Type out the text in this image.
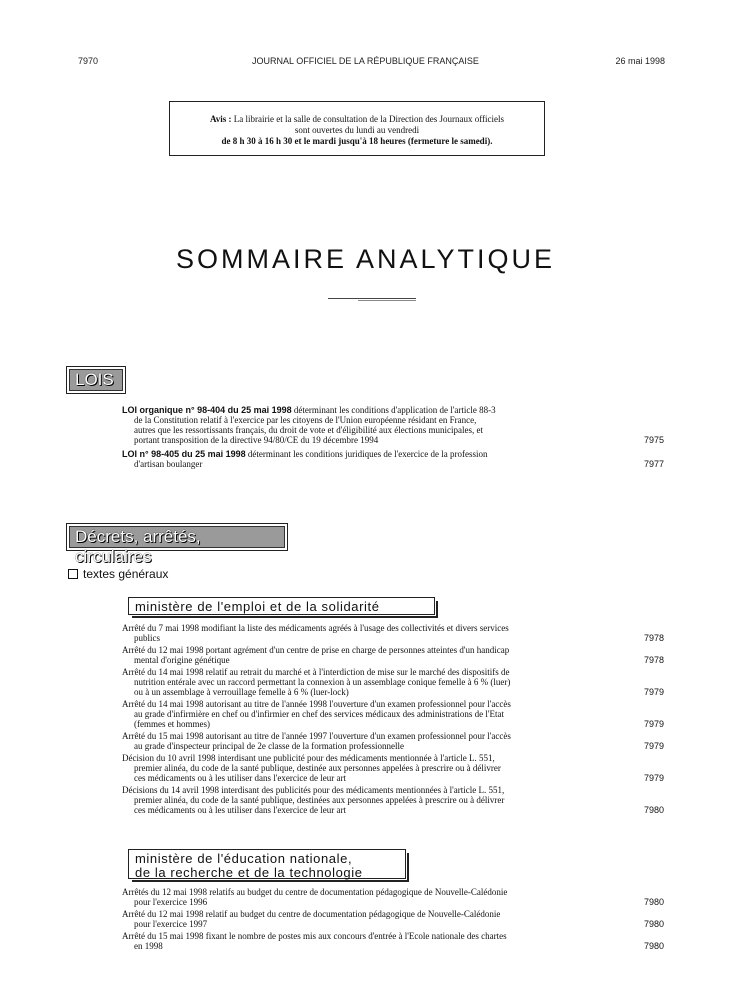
7970	JOURNAL OFFICIEL DE LA RÉPUBLIQUE FRANÇAISE	26 mai 1998
Avis : La librairie et la salle de consultation de la Direction des Journaux officiels
sont ouvertes du lundi au vendredi
de 8 h 30 à 16 h 30 et le mardi jusqu'à 18 heures (fermeture le samedi).
SOMMAIRE ANALYTIQUE
LOIS
LOI organique n° 98-404 du 25 mai 1998 déterminant les conditions d'application de l'article 88-3
de la Constitution relatif à l'exercice par les citoyens de l'Union européenne résidant en France,
autres que les ressortissants français, du droit de vote et d'éligibilité aux élections municipales, et
portant transposition de la directive 94/80/CE du 19 décembre 1994	7975
LOI n° 98-405 du 25 mai 1998 déterminant les conditions juridiques de l'exercice de la profession
d'artisan boulanger	7977
Décrets, arrêtés, circulaires
textes généraux
ministère de l'emploi et de la solidarité
Arrêté du 7 mai 1998 modifiant la liste des médicaments agréés à l'usage des collectivités et divers services
publics	7978
Arrêté du 12 mai 1998 portant agrément d'un centre de prise en charge de personnes atteintes d'un handicap
mental d'origine génétique	7978
Arrêté du 14 mai 1998 relatif au retrait du marché et à l'interdiction de mise sur le marché des dispositifs de
nutrition entérale avec un raccord permettant la connexion à un assemblage conique femelle à 6 % (luer)
ou à un assemblage à verrouillage femelle à 6 % (luer-lock)	7979
Arrêté du 14 mai 1998 autorisant au titre de l'année 1998 l'ouverture d'un examen professionnel pour l'accès
au grade d'infirmière en chef ou d'infirmier en chef des services médicaux des administrations de l'Etat
(femmes et hommes)	7979
Arrêté du 15 mai 1998 autorisant au titre de l'année 1997 l'ouverture d'un examen professionnel pour l'accès
au grade d'inspecteur principal de 2e classe de la formation professionnelle	7979
Décision du 10 avril 1998 interdisant une publicité pour des médicaments mentionnée à l'article L. 551,
premier alinéa, du code de la santé publique, destinée aux personnes appelées à prescrire ou à délivrer
ces médicaments ou à les utiliser dans l'exercice de leur art	7979
Décisions du 14 avril 1998 interdisant des publicités pour des médicaments mentionnées à l'article L. 551,
premier alinéa, du code de la santé publique, destinées aux personnes appelées à prescrire ou à délivrer
ces médicaments ou à les utiliser dans l'exercice de leur art	7980
ministère de l'éducation nationale,
de la recherche et de la technologie
Arrêtés du 12 mai 1998 relatifs au budget du centre de documentation pédagogique de Nouvelle-Calédonie
pour l'exercice 1996	7980
Arrêté du 12 mai 1998 relatif au budget du centre de documentation pédagogique de Nouvelle-Calédonie
pour l'exercice 1997	7980
Arrêté du 15 mai 1998 fixant le nombre de postes mis aux concours d'entrée à l'Ecole nationale des chartes
en 1998	7980
